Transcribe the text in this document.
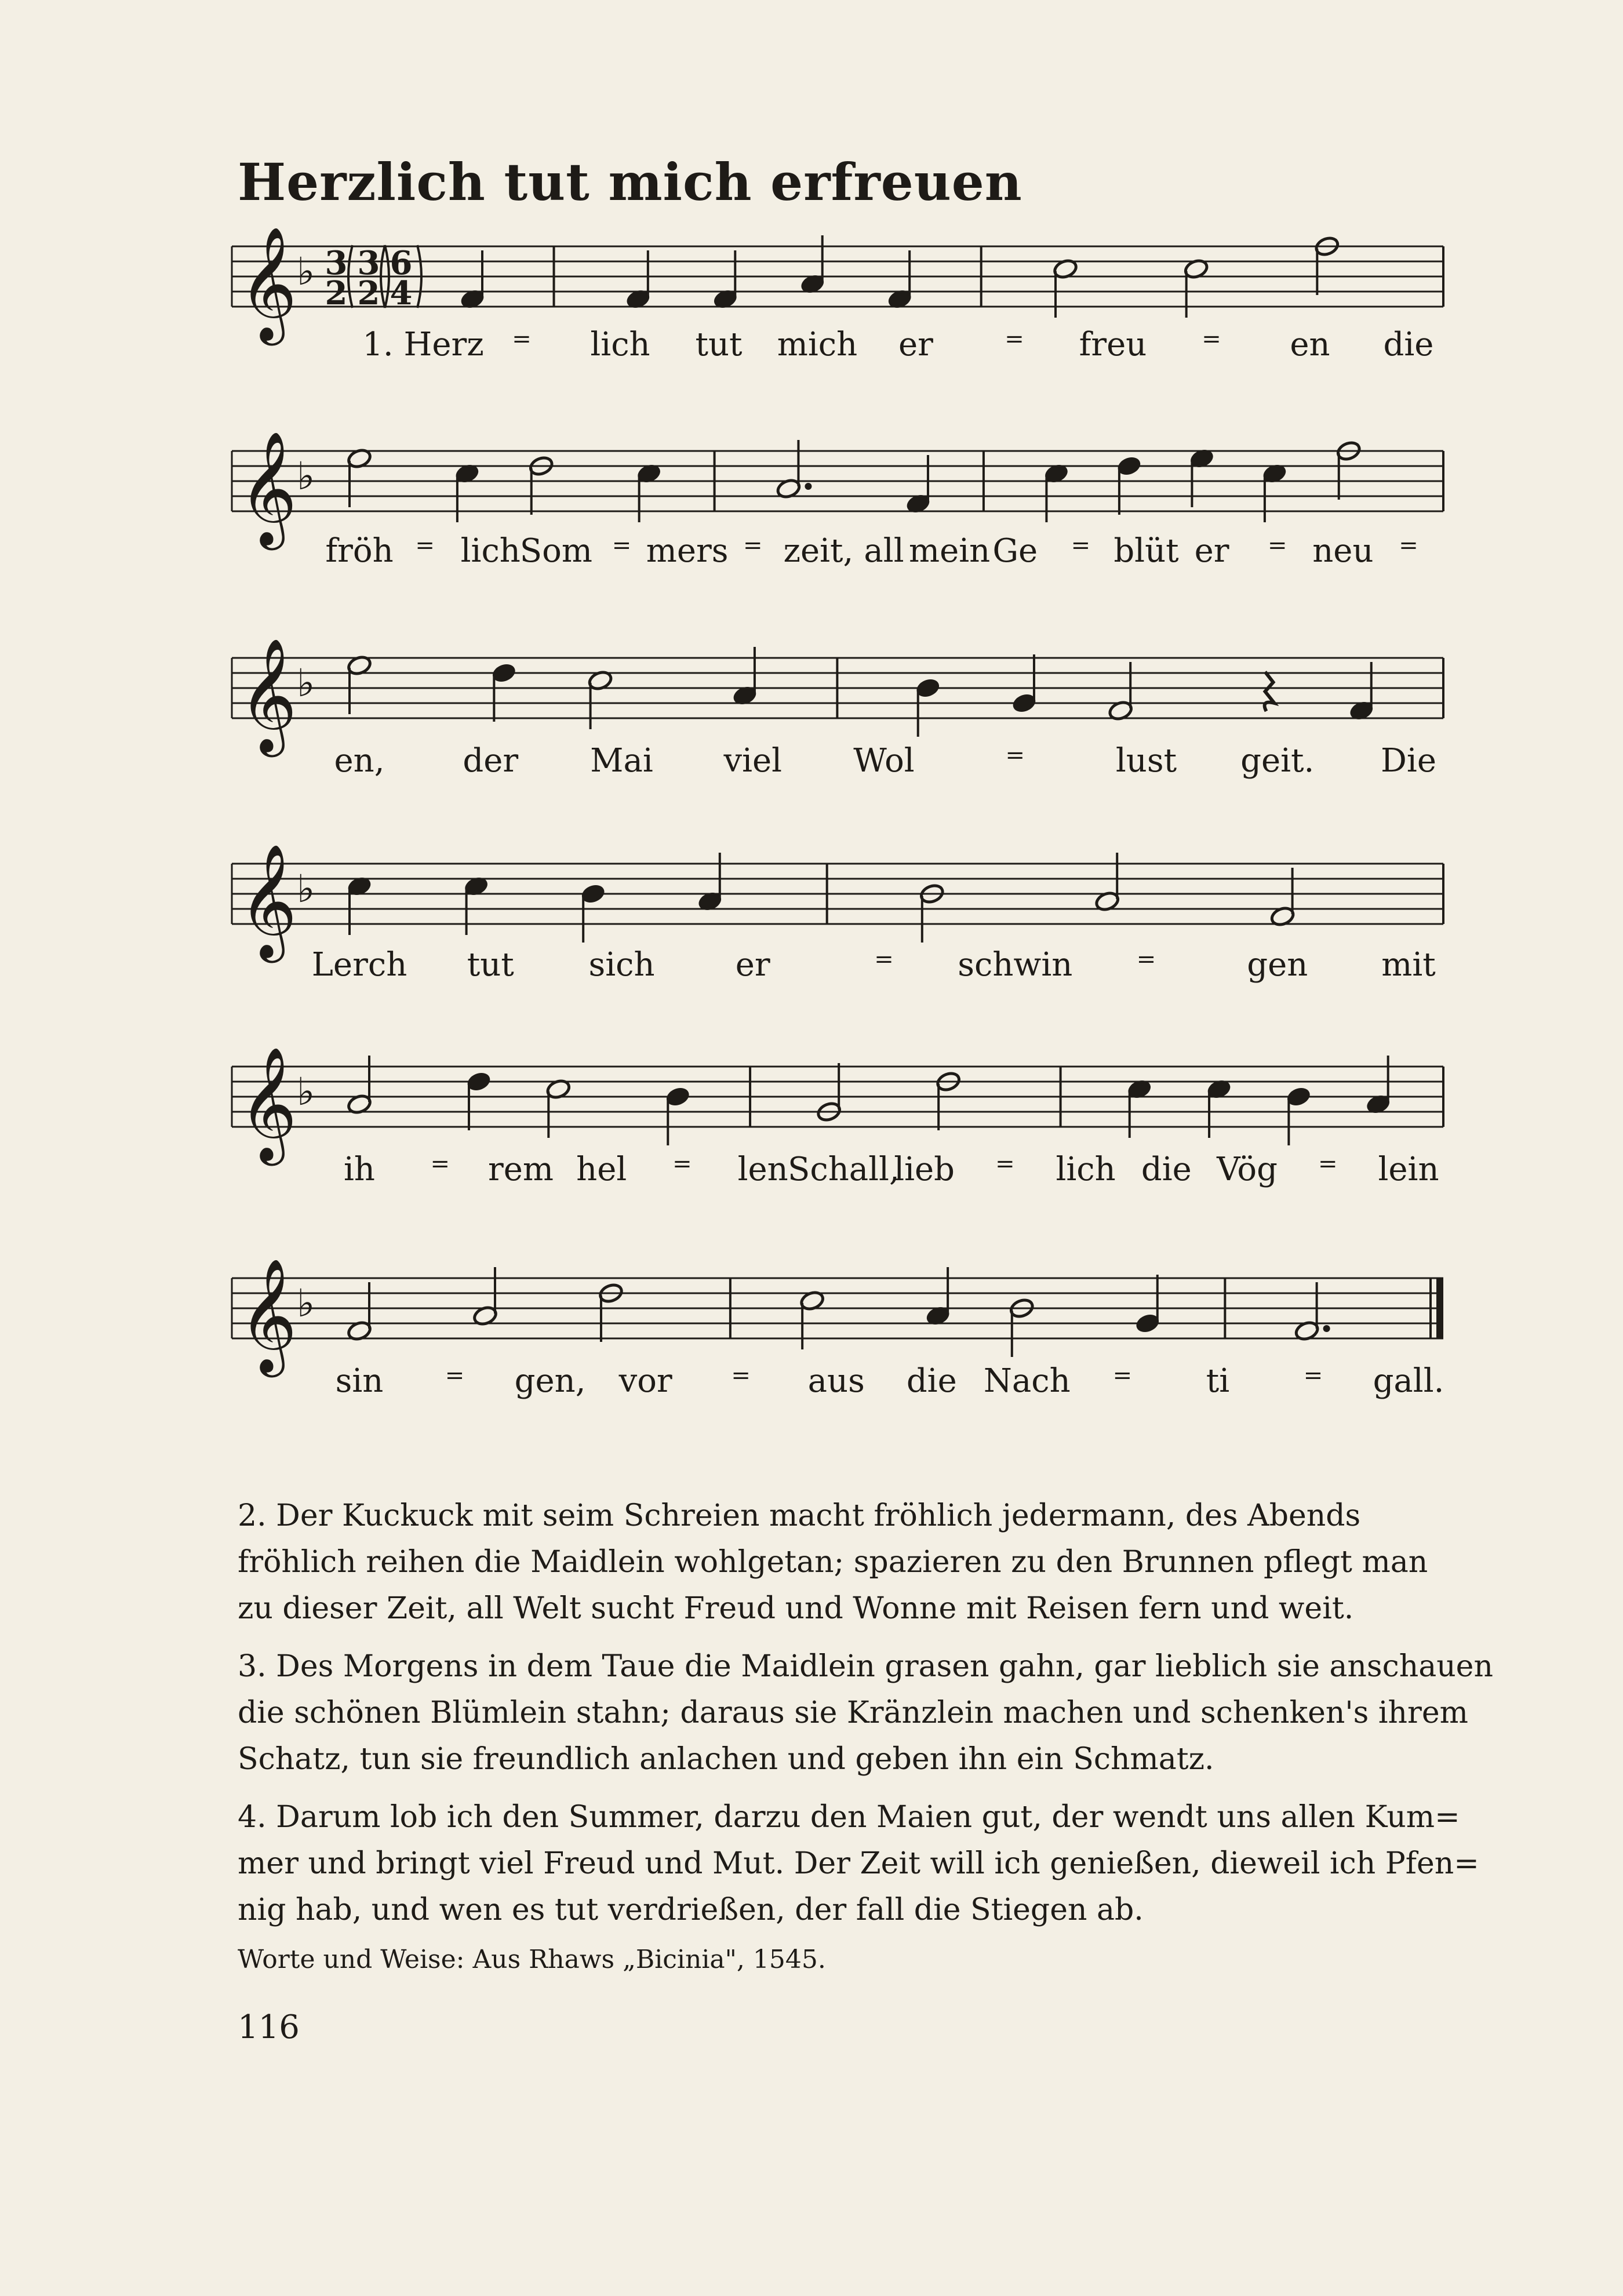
Herzlich tut mich erfreuen
𝄞 ♭ 3
2
3
2
6
4
1. Herz = lich tut mich er	= freu = en die
𝄞 ♭
fröh = lich
Som = mers = zeit, all mein Ge = blüt er = neu =
𝄞 ♭
en, der Mai viel Wol	=	lust geit. Die
𝄞 ♭
Lerch tut sich er	= schwin	=	gen mit
𝄞 ♭
ih = rem hel = len Schall,
lieb = lich die Vög = lein
𝄞 ♭
sin	= gen, vor	= aus die Nach = ti	= gall.
2. Der Kuckuck mit seim Schreien macht fröhlich jedermann, des Abends
fröhlich reihen die Maidlein wohlgetan; spazieren zu den Brunnen pflegt man
zu dieser Zeit, all Welt sucht Freud und Wonne mit Reisen fern und weit.
3. Des Morgens in dem Taue die Maidlein grasen gahn, gar lieblich sie anschauen
die schönen Blümlein stahn; daraus sie Kränzlein machen und schenken's ihrem
Schatz, tun sie freundlich anlachen und geben ihn ein Schmatz.
4. Darum lob ich den Summer, darzu den Maien gut, der wendt uns allen Kum=
mer und bringt viel Freud und Mut. Der Zeit will ich genießen, dieweil ich Pfen=
nig hab, und wen es tut verdrießen, der fall die Stiegen ab.
Worte und Weise: Aus Rhaws „Bicinia", 1545.
116
